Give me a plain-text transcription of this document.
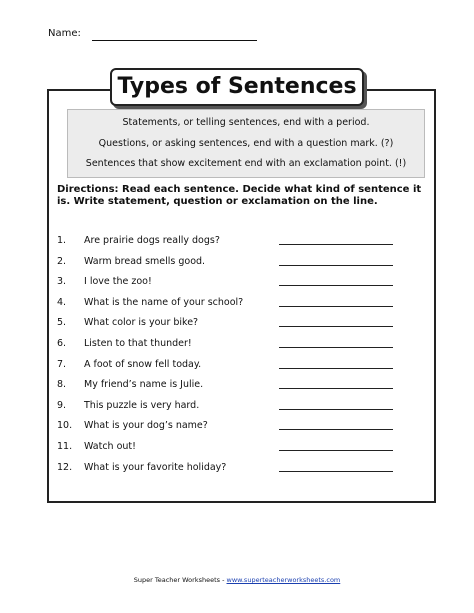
Name:
Types of Sentences
Statements, or telling sentences, end with a period.
Questions, or asking sentences, end with a question mark. (?)
Sentences that show excitement end with an exclamation point. (!)
Directions: Read each sentence. Decide what kind of sentence it is. Write statement, question or exclamation on the line.
1. Are prairie dogs really dogs?
2. Warm bread smells good.
3. I love the zoo!
4. What is the name of your school?
5. What color is your bike?
6. Listen to that thunder!
7. A foot of snow fell today.
8. My friend’s name is Julie.
9. This puzzle is very hard.
10. What is your dog’s name?
11. Watch out!
12. What is your favorite holiday?
Super Teacher Worksheets - www.superteacherworksheets.com
